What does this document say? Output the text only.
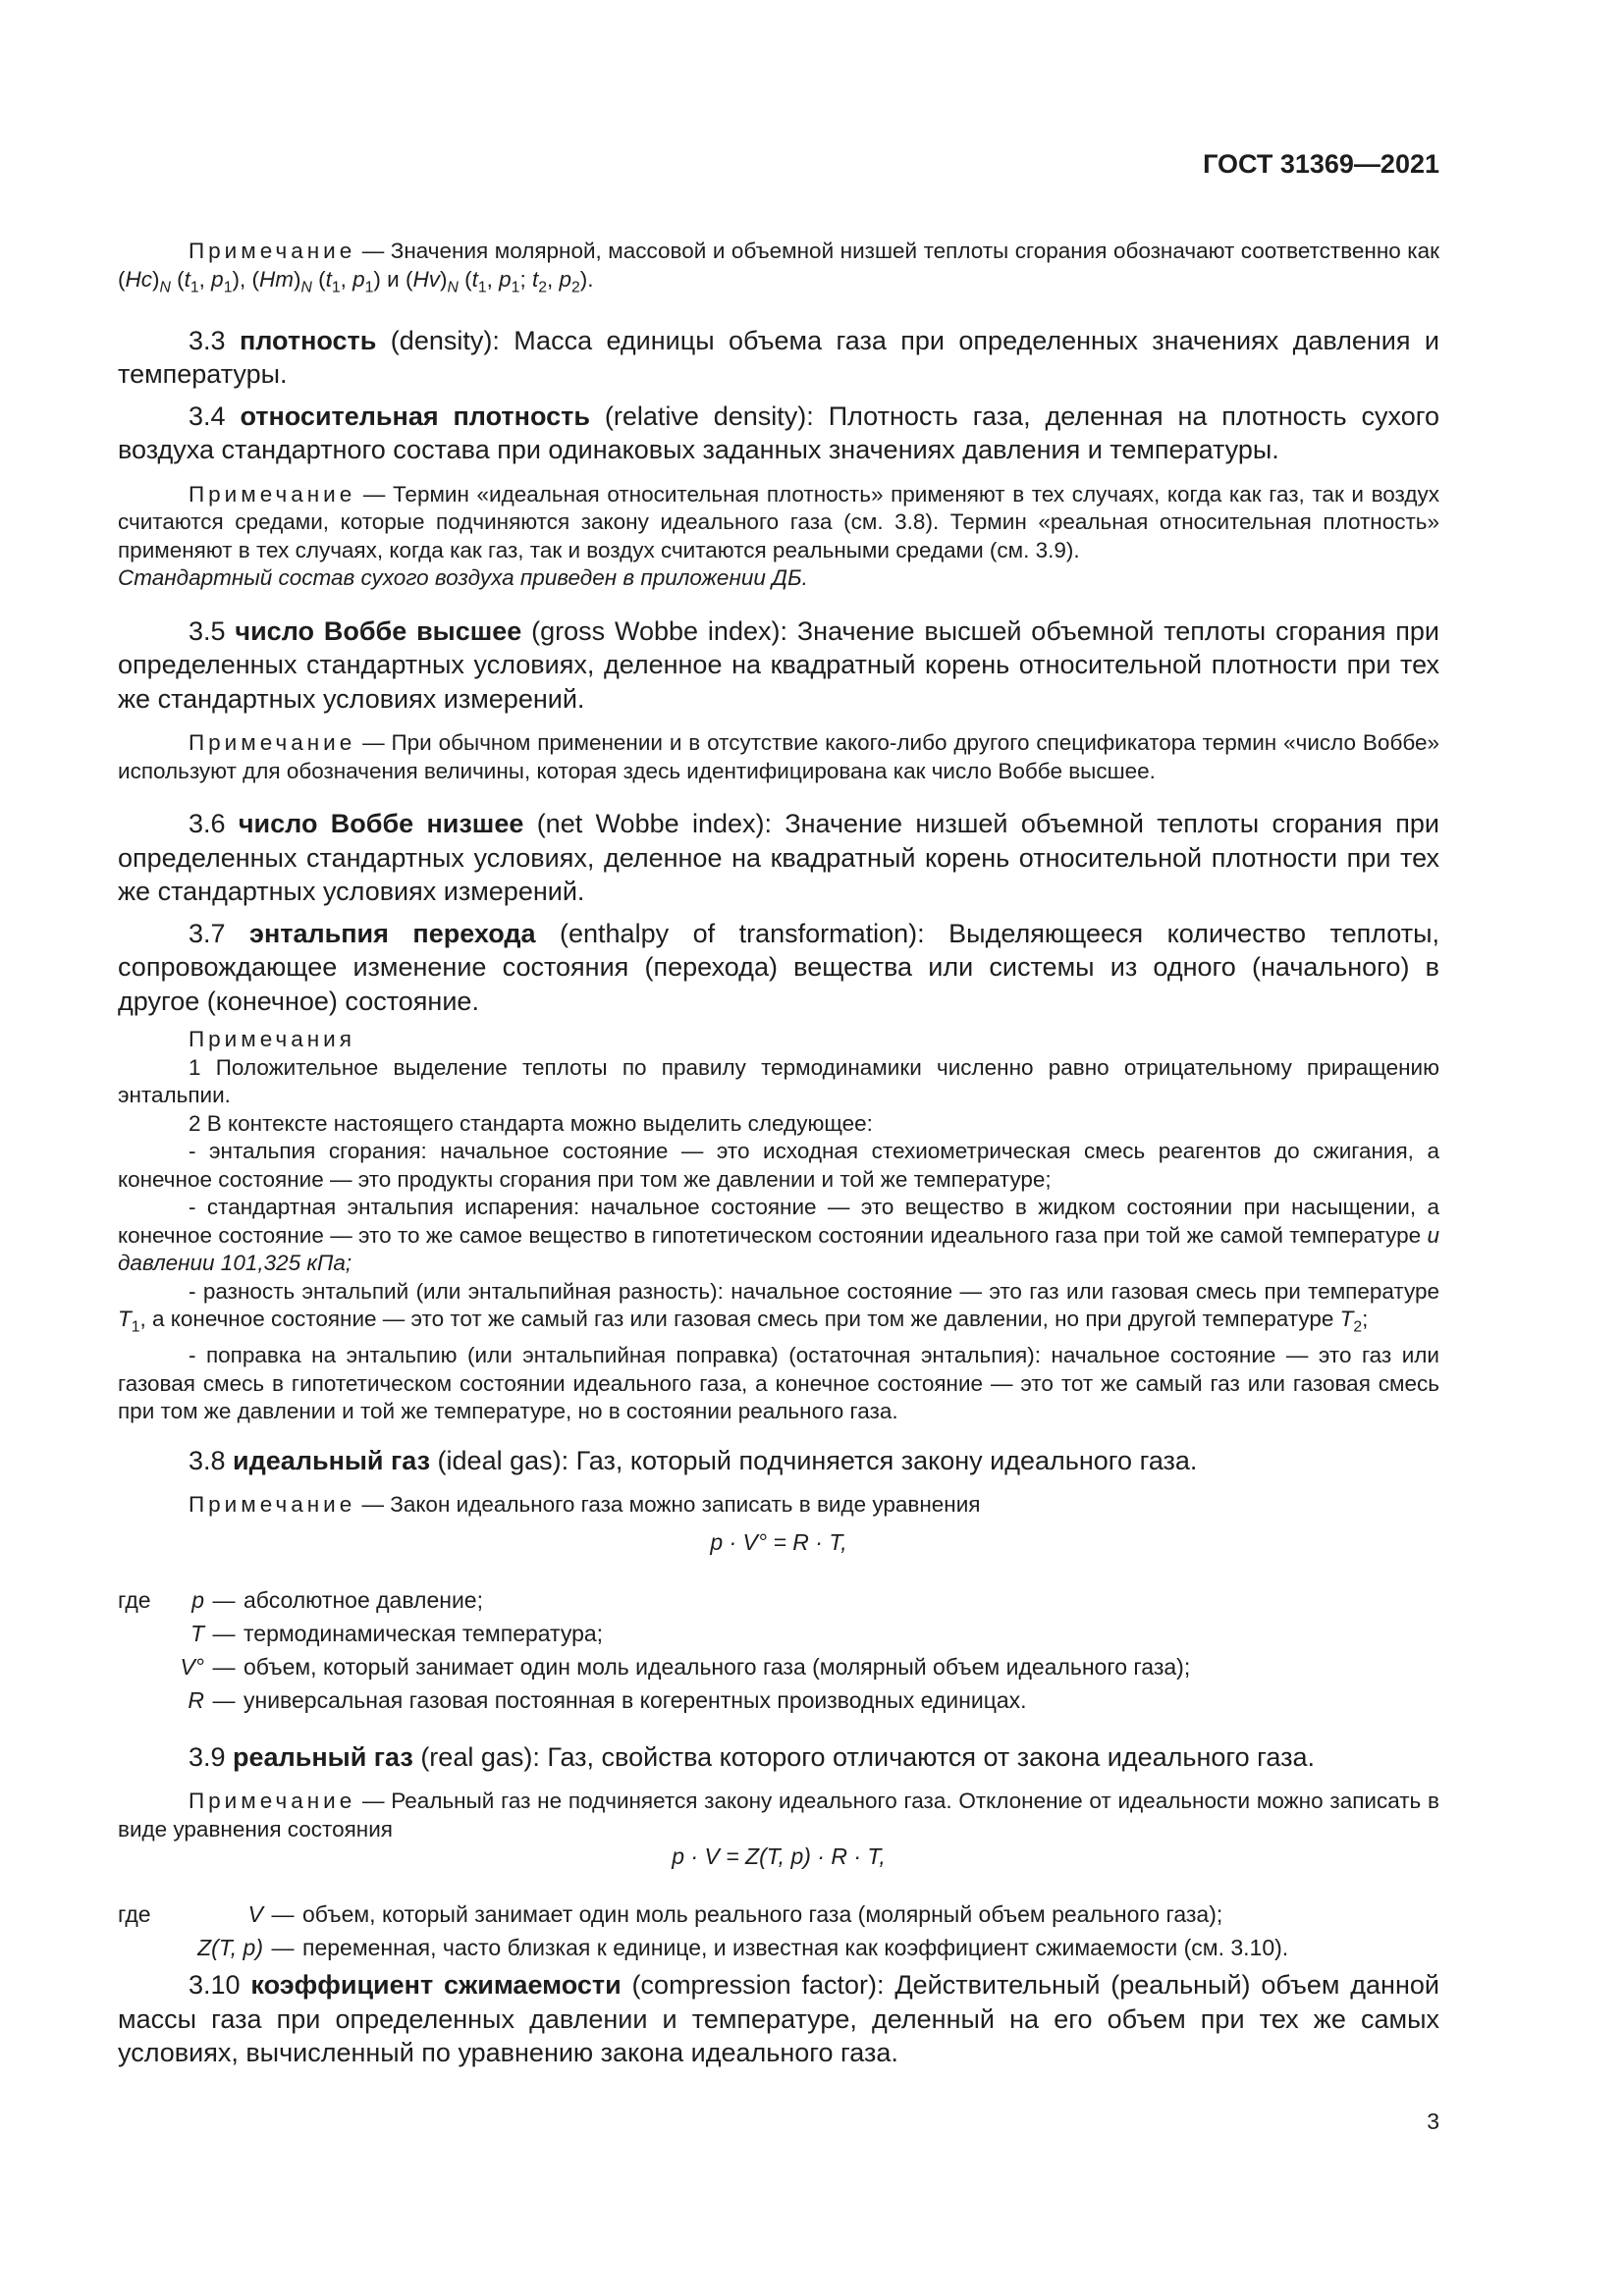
ГОСТ 31369—2021

Примечание — Значения молярной, массовой и объемной низшей теплоты сгорания обозначают соответственно как $(Hc)_N$ ($t_1$, $p_1$), $(Hm)_N$ ($t_1$, $p_1$) и $(Hv)_N$ ($t_1$, $p_1$; $t_2$, $p_2$).

3.3 плотность (density): Масса единицы объема газа при определенных значениях давления и температуры.

3.4 относительная плотность (relative density): Плотность газа, деленная на плотность сухого воздуха стандартного состава при одинаковых заданных значениях давления и температуры.

Примечание — Термин «идеальная относительная плотность» применяют в тех случаях, когда как газ, так и воздух считаются средами, которые подчиняются закону идеального газа (см. 3.8). Термин «реальная относительная плотность» применяют в тех случаях, когда как газ, так и воздух считаются реальными средами (см. 3.9).
Стандартный состав сухого воздуха приведен в приложении ДБ.

3.5 число Воббе высшее (gross Wobbe index): Значение высшей объемной теплоты сгорания при определенных стандартных условиях, деленное на квадратный корень относительной плотности при тех же стандартных условиях измерений.

Примечание — При обычном применении и в отсутствие какого-либо другого спецификатора термин «число Воббе» используют для обозначения величины, которая здесь идентифицирована как число Воббе высшее.

3.6 число Воббе низшее (net Wobbe index): Значение низшей объемной теплоты сгорания при определенных стандартных условиях, деленное на квадратный корень относительной плотности при тех же стандартных условиях измерений.

3.7 энтальпия перехода (enthalpy of transformation): Выделяющееся количество теплоты, сопровождающее изменение состояния (перехода) вещества или системы из одного (начального) в другое (конечное) состояние.

Примечания

1 Положительное выделение теплоты по правилу термодинамики численно равно отрицательному приращению энтальпии.

2 В контексте настоящего стандарта можно выделить следующее:

- энтальпия сгорания: начальное состояние — это исходная стехиометрическая смесь реагентов до сжигания, а конечное состояние — это продукты сгорания при том же давлении и той же температуре;

- стандартная энтальпия испарения: начальное состояние — это вещество в жидком состоянии при насыщении, а конечное состояние — это то же самое вещество в гипотетическом состоянии идеального газа при той же самой температуре и давлении 101,325 кПа;

- разность энтальпий (или энтальпийная разность): начальное состояние — это газ или газовая смесь при температуре $T_1$, а конечное состояние — это тот же самый газ или газовая смесь при том же давлении, но при другой температуре $T_2$;

- поправка на энтальпию (или энтальпийная поправка) (остаточная энтальпия): начальное состояние — это газ или газовая смесь в гипотетическом состоянии идеального газа, а конечное состояние — это тот же самый газ или газовая смесь при том же давлении и той же температуре, но в состоянии реального газа.

3.8 идеальный газ (ideal gas): Газ, который подчиняется закону идеального газа.

Примечание — Закон идеального газа можно записать в виде уравнения

p · V° = R · T,
где	p — абсолютное давление;
T — термодинамическая температура;
V° — объем, который занимает один моль идеального газа (молярный объем идеального газа);
R — универсальная газовая постоянная в когерентных производных единицах.

3.9 реальный газ (real gas): Газ, свойства которого отличаются от закона идеального газа.

Примечание — Реальный газ не подчиняется закону идеального газа. Отклонение от идеальности можно записать в виде уравнения состояния

p · V = Z(T, p) · R · T,
где	V — объем, который занимает один моль реального газа (молярный объем реального газа);
Z(T, p) — переменная, часто близкая к единице, и известная как коэффициент сжимаемости (см. 3.10).

3.10 коэффициент сжимаемости (compression factor): Действительный (реальный) объем данной массы газа при определенных давлении и температуре, деленный на его объем при тех же самых условиях, вычисленный по уравнению закона идеального газа.

3
